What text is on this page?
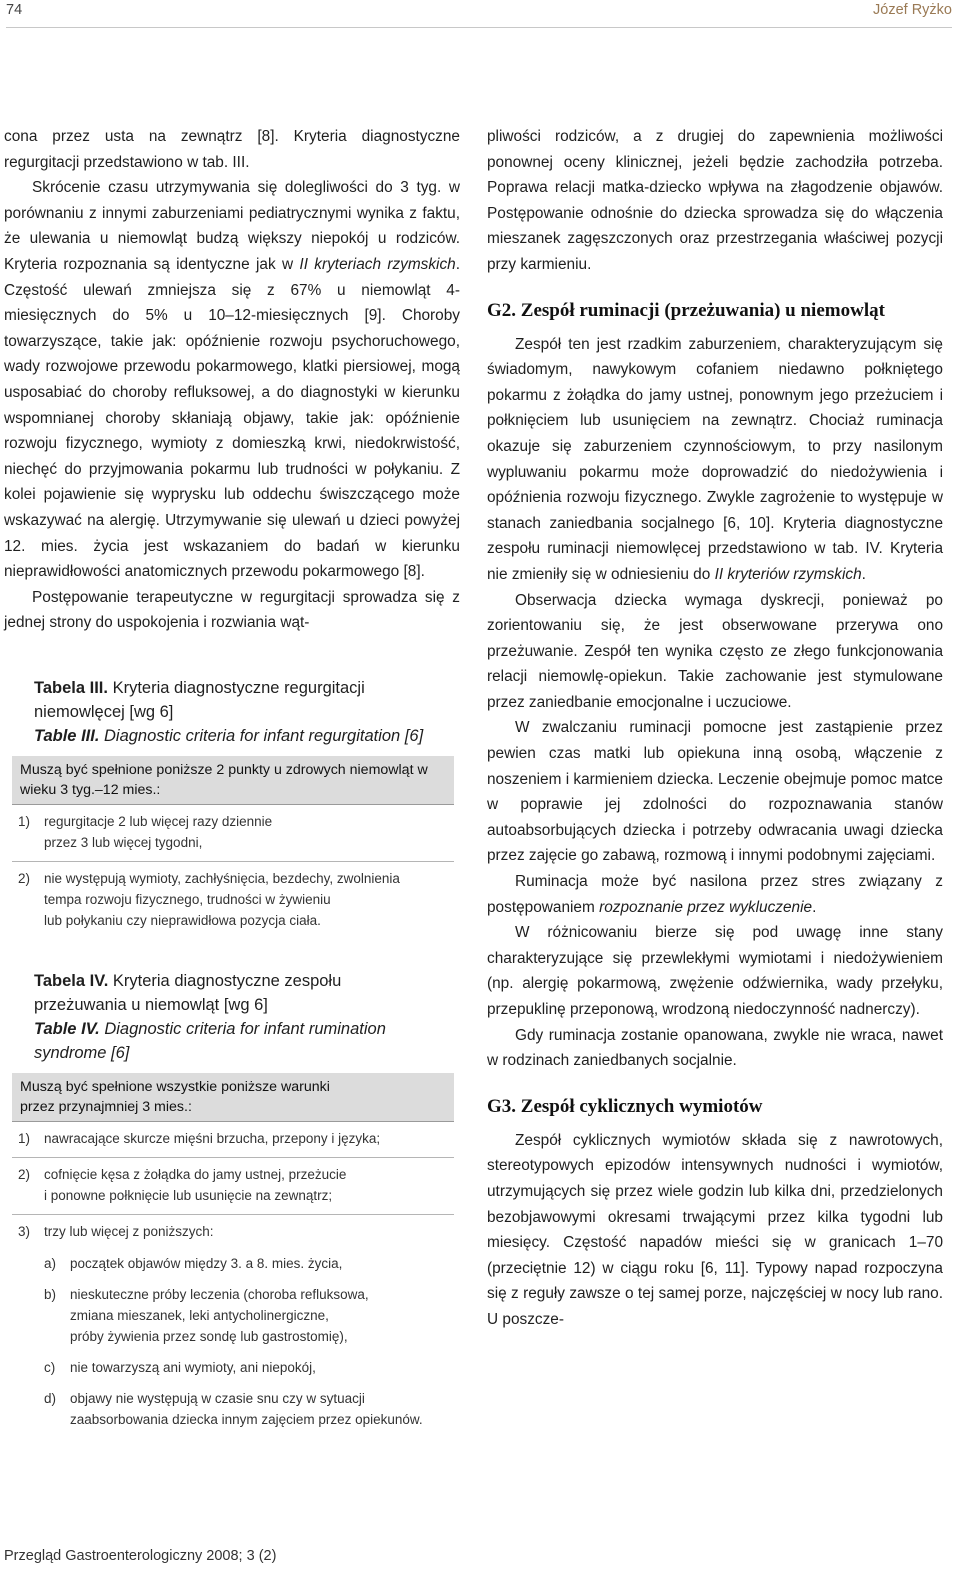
74	Józef Ryżko

cona przez usta na zewnątrz [8]. Kryteria diagnostyczne regurgitacji przedstawiono w tab. III.

Skrócenie czasu utrzymywania się dolegliwości do 3 tyg. w porównaniu z innymi zaburzeniami pediatrycznymi wynika z faktu, że ulewania u niemowląt budzą większy niepokój u rodziców. Kryteria rozpoznania są identyczne jak w II kryteriach rzymskich. Częstość ulewań zmniejsza się z 67% u niemowląt 4-miesięcznych do 5% u 10–12-miesięcznych [9]. Choroby towarzyszące, takie jak: opóźnienie rozwoju psychoruchowego, wady rozwojowe przewodu pokarmowego, klatki piersiowej, mogą usposabiać do choroby refluksowej, a do diagnostyki w kierunku wspomnianej choroby skłaniają objawy, takie jak: opóźnienie rozwoju fizycznego, wymioty z domieszką krwi, niedokrwistość, niechęć do przyjmowania pokarmu lub trudności w połykaniu. Z kolei pojawienie się wyprysku lub oddechu świszczącego może wskazywać na alergię. Utrzymywanie się ulewań u dzieci powyżej 12. mies. życia jest wskazaniem do badań w kierunku nieprawidłowości anatomicznych przewodu pokarmowego [8].

Postępowanie terapeutyczne w regurgitacji sprowadza się z jednej strony do uspokojenia i rozwiania wąt-

Tabela III. Kryteria diagnostyczne regurgitacji niemowlęcej [wg 6]
Table III. Diagnostic criteria for infant regurgitation [6]
Muszą być spełnione poniższe 2 punkty u zdrowych niemowląt w wieku 3 tyg.–12 mies.:
1)	regurgitacje 2 lub więcej razy dziennie
przez 3 lub więcej tygodni,
2)	nie występują wymioty, zachłyśnięcia, bezdechy, zwolnienia
tempa rozwoju fizycznego, trudności w żywieniu
lub połykaniu czy nieprawidłowa pozycja ciała.
Tabela IV. Kryteria diagnostyczne zespołu przeżuwania u niemowląt [wg 6]
Table IV. Diagnostic criteria for infant rumination syndrome [6]
Muszą być spełnione wszystkie poniższe warunki
przez przynajmniej 3 mies.:
1)	nawracające skurcze mięśni brzucha, przepony i języka;
2)	cofnięcie kęsa z żołądka do jamy ustnej, przeżucie
i ponowne połknięcie lub usunięcie na zewnątrz;
3)	trzy lub więcej z poniższych:
a)	początek objawów między 3. a 8. mies. życia,
b)	nieskuteczne próby leczenia (choroba refluksowa,
zmiana mieszanek, leki antycholinergiczne,
próby żywienia przez sondę lub gastrostomię),
c)	nie towarzyszą ani wymioty, ani niepokój,
d)	objawy nie występują w czasie snu czy w sytuacji
zaabsorbowania dziecka innym zajęciem przez opiekunów.

pliwości rodziców, a z drugiej do zapewnienia możliwości ponownej oceny klinicznej, jeżeli będzie zachodziła potrzeba. Poprawa relacji matka-dziecko wpływa na złagodzenie objawów. Postępowanie odnośnie do dziecka sprowadza się do włączenia mieszanek zagęszczonych oraz przestrzegania właściwej pozycji przy karmieniu.

G2. Zespół ruminacji (przeżuwania) u niemowląt

Zespół ten jest rzadkim zaburzeniem, charakteryzującym się świadomym, nawykowym cofaniem niedawno połkniętego pokarmu z żołądka do jamy ustnej, ponownym jego przeżuciem i połknięciem lub usunięciem na zewnątrz. Chociaż ruminacja okazuje się zaburzeniem czynnościowym, to przy nasilonym wypluwaniu pokarmu może doprowadzić do niedożywienia i opóźnienia rozwoju fizycznego. Zwykle zagrożenie to występuje w stanach zaniedbania socjalnego [6, 10]. Kryteria diagnostyczne zespołu ruminacji niemowlęcej przedstawiono w tab. IV. Kryteria nie zmieniły się w odniesieniu do II kryteriów rzymskich.

Obserwacja dziecka wymaga dyskrecji, ponieważ po zorientowaniu się, że jest obserwowane przerywa ono przeżuwanie. Zespół ten wynika często ze złego funkcjonowania relacji niemowlę-opiekun. Takie zachowanie jest stymulowane przez zaniedbanie emocjonalne i uczuciowe.

W zwalczaniu ruminacji pomocne jest zastąpienie przez pewien czas matki lub opiekuna inną osobą, włączenie z noszeniem i karmieniem dziecka. Leczenie obejmuje pomoc matce w poprawie jej zdolności do rozpoznawania stanów autoabsorbujących dziecka i potrzeby odwracania uwagi dziecka przez zajęcie go zabawą, rozmową i innymi podobnymi zajęciami.

Ruminacja może być nasilona przez stres związany z postępowaniem rozpoznanie przez wykluczenie.

W różnicowaniu bierze się pod uwagę inne stany charakteryzujące się przewlekłymi wymiotami i niedożywieniem (np. alergię pokarmową, zwężenie odźwiernika, wady przełyku, przepuklinę przeponową, wrodzoną niedoczynność nadnerczy).

Gdy ruminacja zostanie opanowana, zwykle nie wraca, nawet w rodzinach zaniedbanych socjalnie.

G3. Zespół cyklicznych wymiotów

Zespół cyklicznych wymiotów składa się z nawrotowych, stereotypowych epizodów intensywnych nudności i wymiotów, utrzymujących się przez wiele godzin lub kilka dni, przedzielonych bezobjawowymi okresami trwającymi przez kilka tygodni lub miesięcy. Częstość napadów mieści się w granicach 1–70 (przeciętnie 12) w ciągu roku [6, 11]. Typowy napad rozpoczyna się z reguły zawsze o tej samej porze, najczęściej w nocy lub rano. U poszcze-

Przegląd Gastroenterologiczny 2008; 3 (2)
